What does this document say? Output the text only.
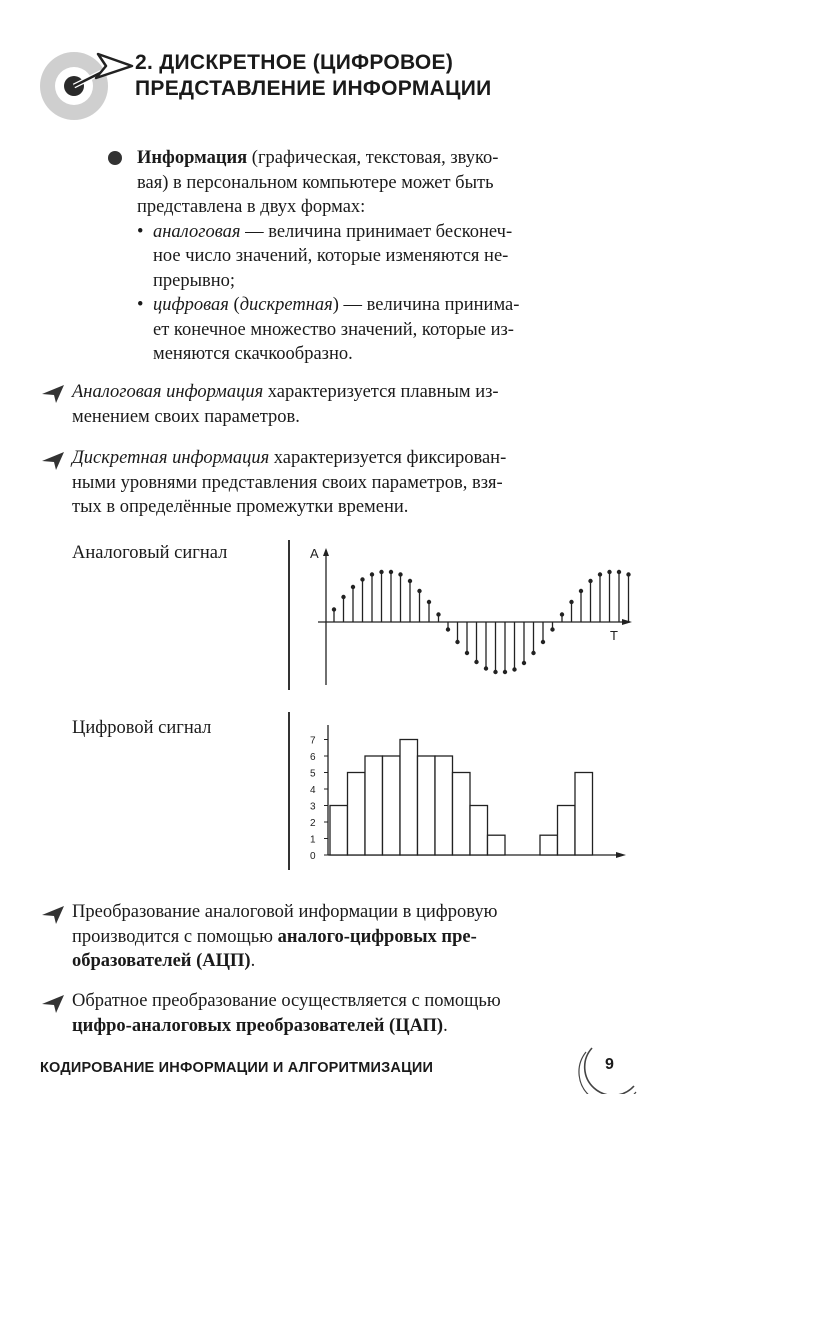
2. ДИСКРЕТНОЕ (ЦИФРОВОЕ)
ПРЕДСТАВЛЕНИЕ ИНФОРМАЦИИ
Информация (графическая, текстовая, звуко-
вая) в персональном компьютере может быть
представлена в двух формах:
• аналоговая — величина принимает бесконеч-
ное число значений, которые изменяются не-
прерывно;
• цифровая (дискретная) — величина принима-
ет конечное множество значений, которые из-
меняются скачкообразно.
Аналоговая информация характеризуется плавным из-
менением своих параметров.
Дискретная информация характеризуется фиксирован-
ными уровнями представления своих параметров, взя-
тых в определённые промежутки времени.
Аналоговый сигнал	A
T
Цифровой сигнал
0
1
2
3
4
5
6
7
Преобразование аналоговой информации в цифровую
производится с помощью аналого-цифровых пре-
образователей (АЦП).
Обратное преобразование осуществляется с помощью
цифро-аналоговых преобразователей (ЦАП).
КОДИРОВАНИЕ ИНФОРМАЦИИ И АЛГОРИТМИЗАЦИИ	9
